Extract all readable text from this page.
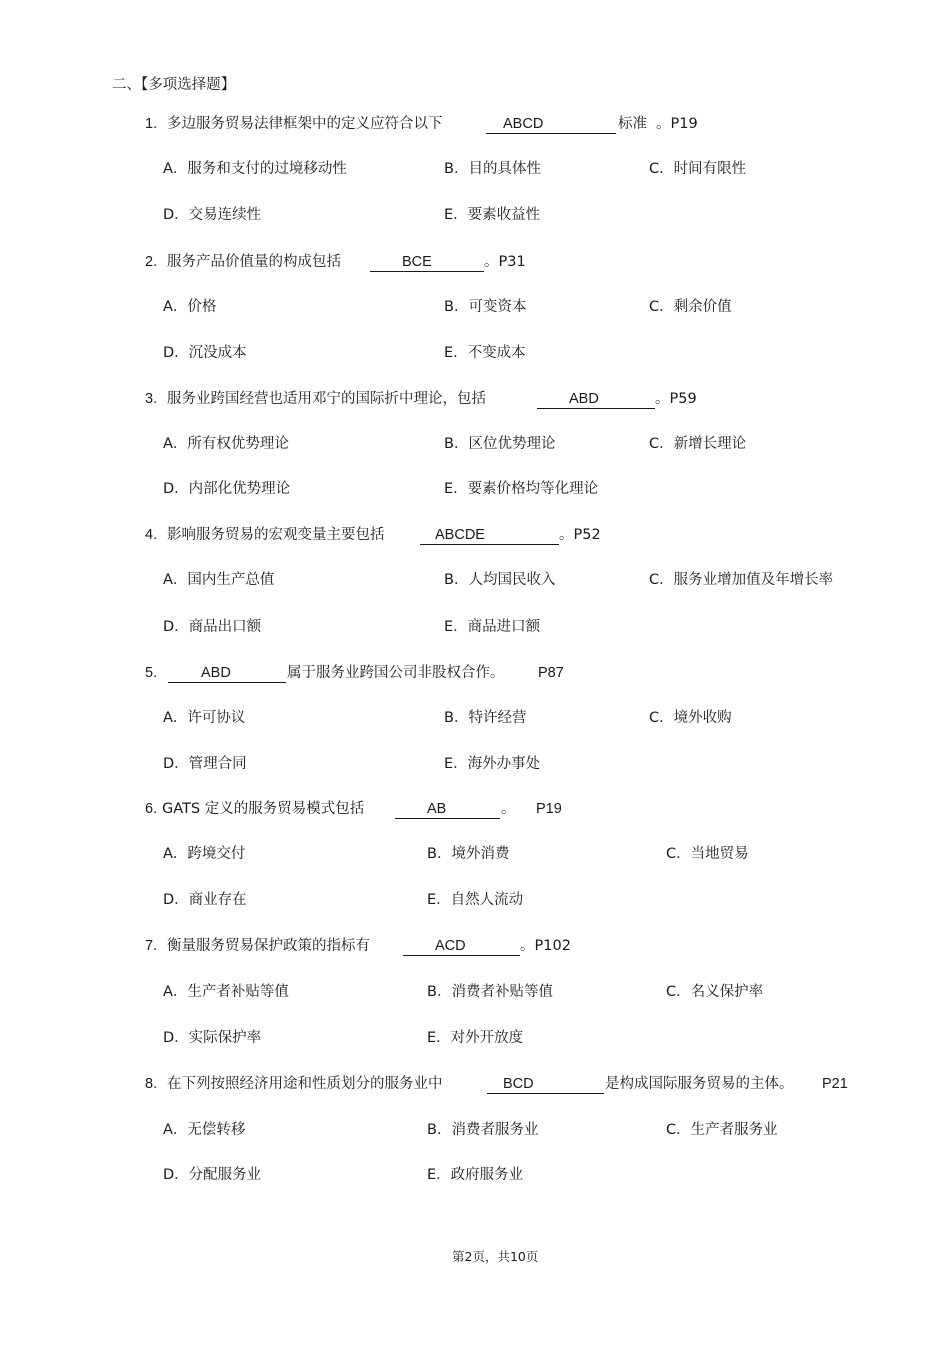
二、【多项选择题】
1. 多边服务贸易法律框架中的定义应符合以下	ABCD	标准 。P19
A．服务和支付的过境移动性	B．目的具体性	C．时间有限性
D．交易连续性	E．要素收益性
2. 服务产品价值量的构成包括	BCE	。P31
A．价格	B．可变资本	C．剩余价值
D．沉没成本	E．不变成本
3. 服务业跨国经营也适用邓宁的国际折中理论，包括	ABD	。P59
A．所有权优势理论	B．区位优势理论	C．新增长理论
D．内部化优势理论	E．要素价格均等化理论
4. 影响服务贸易的宏观变量主要包括	ABCDE	。P52
A．国内生产总值	B．人均国民收入	C．服务业增加值及年增长率
D．商品出口额	E．商品进口额
5.	ABD	属于服务业跨国公司非股权合作。 P87
A．许可协议	B．特许经营	C．境外收购
D．管理合同	E．海外办事处
6. GATS 定义的服务贸易模式包括	AB	。 P19
A．跨境交付	B．境外消费	C．当地贸易
D．商业存在	E．自然人流动
7. 衡量服务贸易保护政策的指标有	ACD	。P102
A．生产者补贴等值	B．消费者补贴等值	C．名义保护率
D．实际保护率	E．对外开放度
8. 在下列按照经济用途和性质划分的服务业中	BCD	是构成国际服务贸易的主体。 P21
A．无偿转移	B．消费者服务业	C．生产者服务业
D．分配服务业	E．政府服务业
第2页，共10页
